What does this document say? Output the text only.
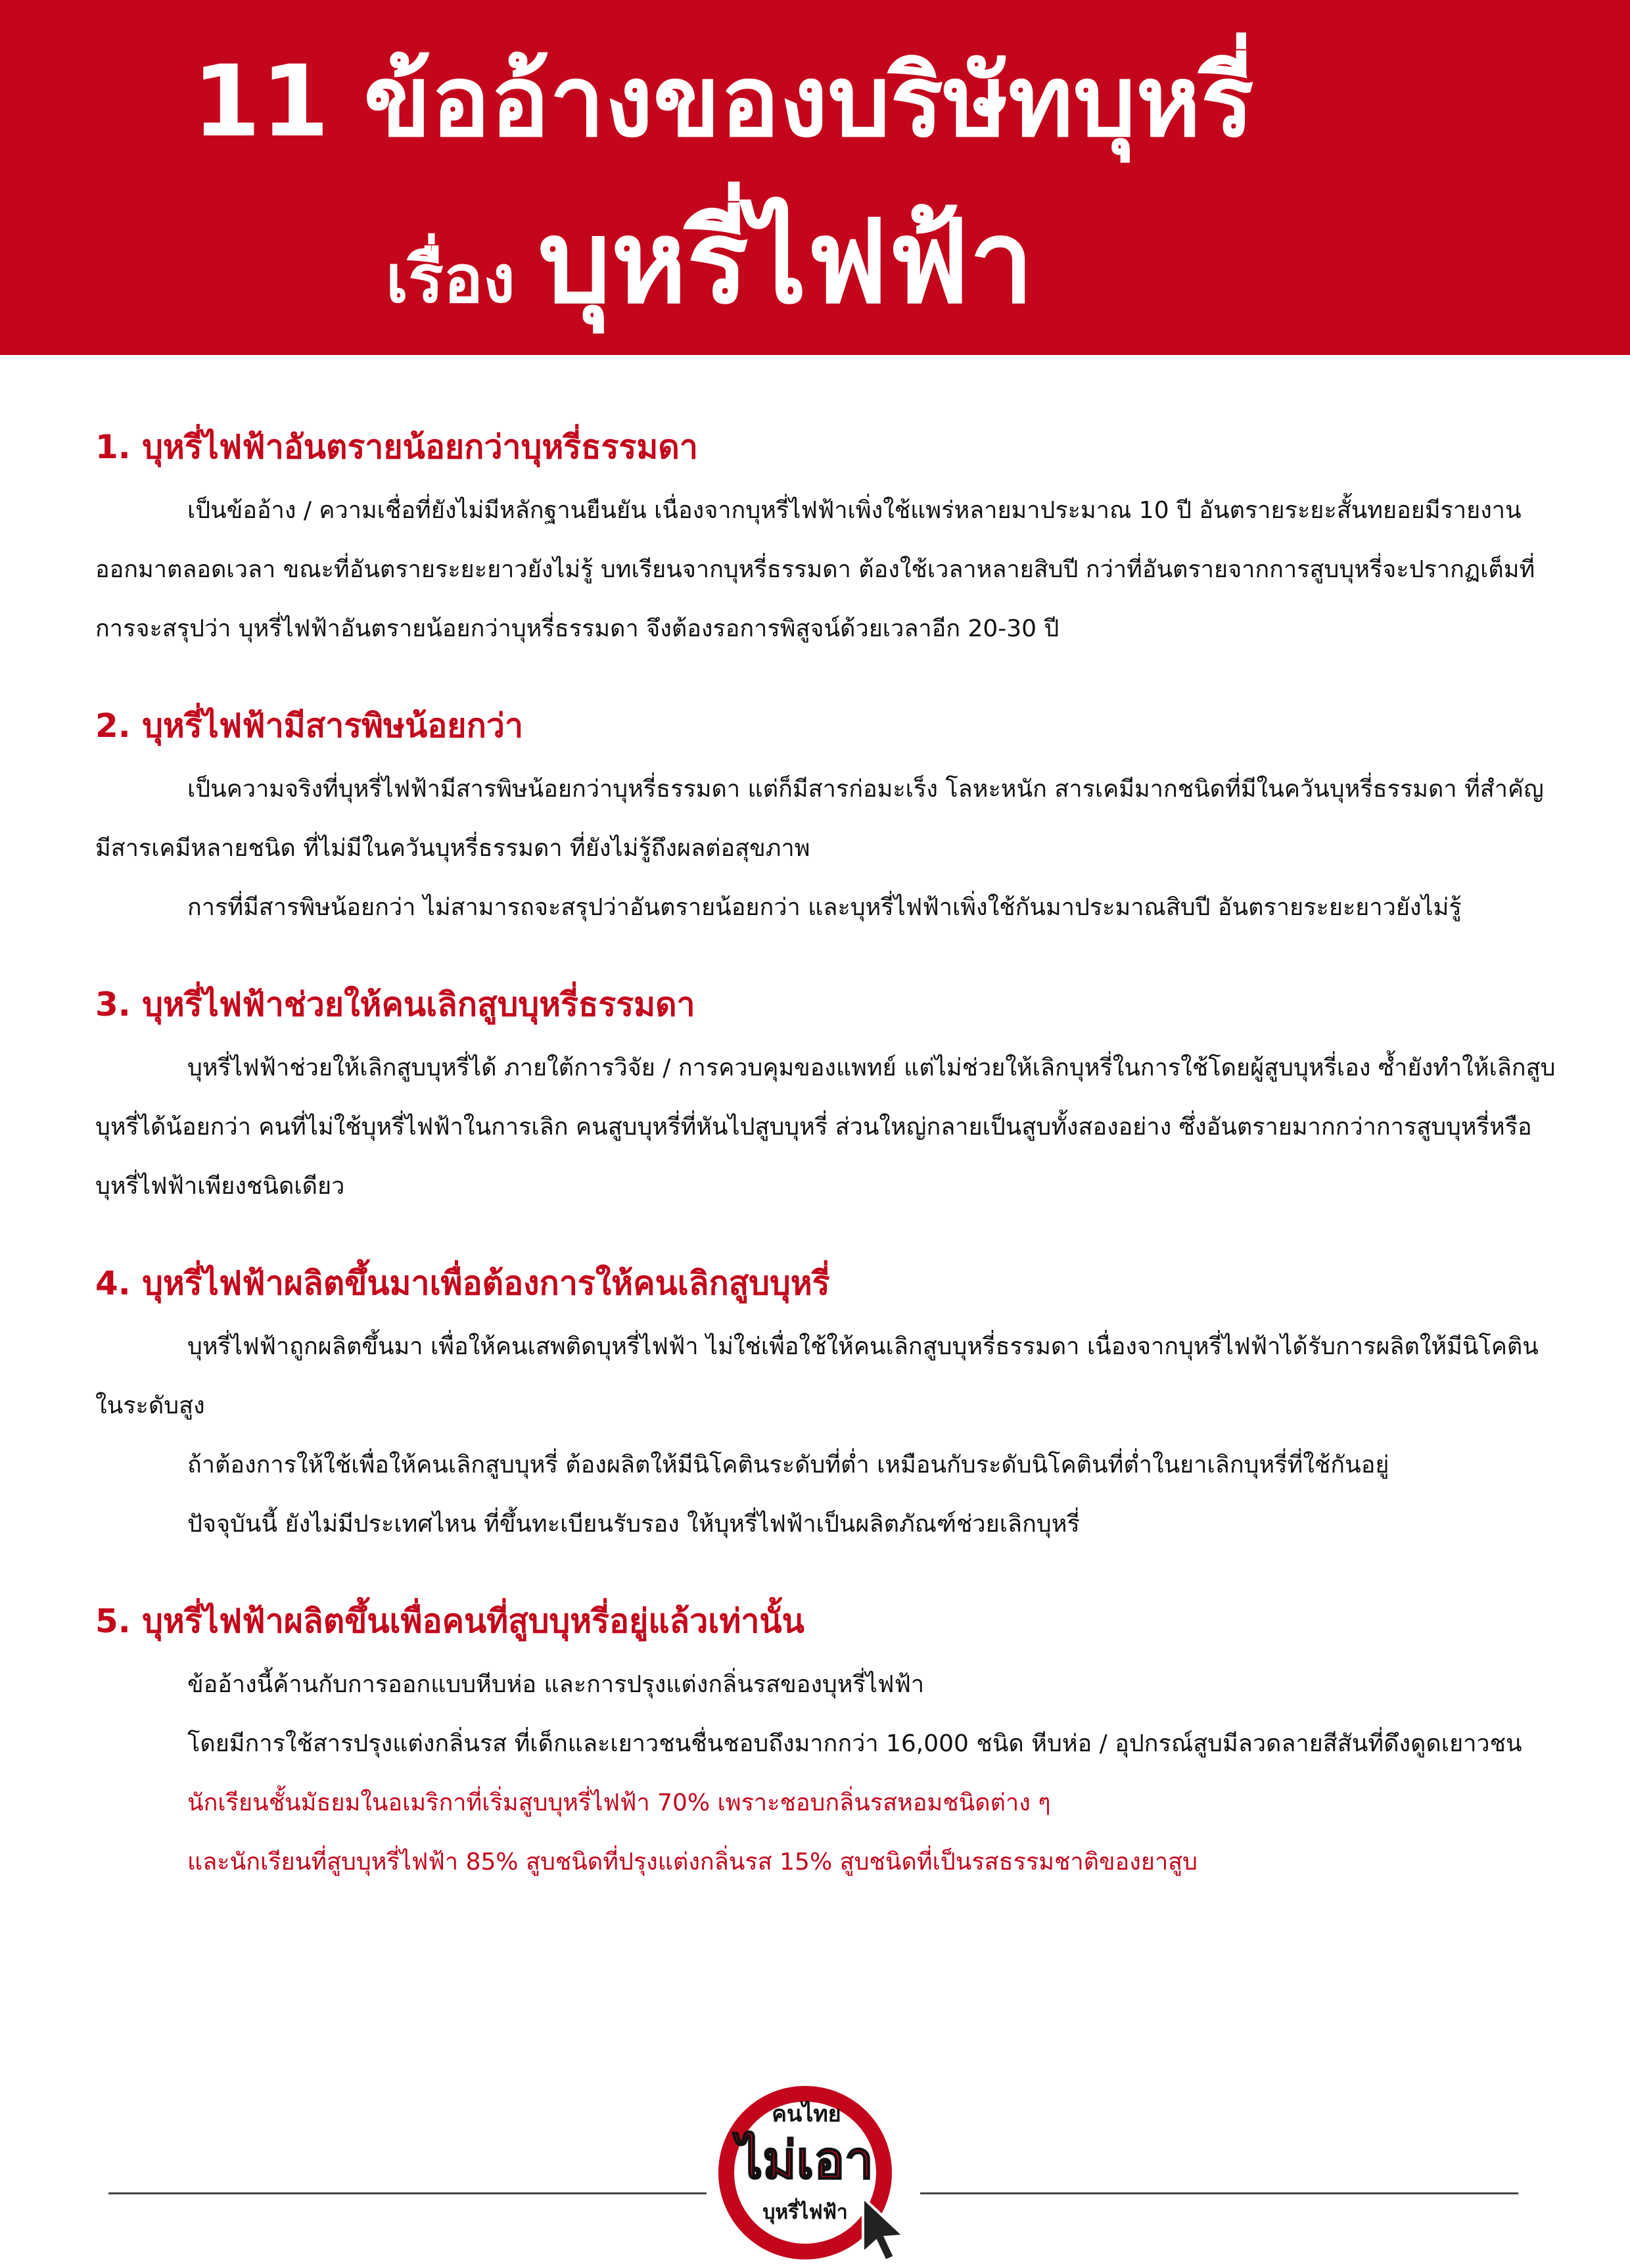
11 ข้ออ้างของบริษัทบุหรี่
เรื่อง บุหรี่ไฟฟ้า
1. บุหรี่ไฟฟ้าอันตรายน้อยกว่าบุหรี่ธรรมดา

เป็นข้ออ้าง / ความเชื่อที่ยังไม่มีหลักฐานยืนยัน เนื่องจากบุหรี่ไฟฟ้าเพิ่งใช้แพร่หลายมาประมาณ 10 ปี อันตรายระยะสั้นทยอยมีรายงานออกมาตลอดเวลา ขณะที่อันตรายระยะยาวยังไม่รู้ บทเรียนจากบุหรี่ธรรมดา ต้องใช้เวลาหลายสิบปี กว่าที่อันตรายจากการสูบบุหรี่จะปรากฏเต็มที่ การจะสรุปว่า บุหรี่ไฟฟ้าอันตรายน้อยกว่าบุหรี่ธรรมดา จึงต้องรอการพิสูจน์ด้วยเวลาอีก 20-30 ปี

2. บุหรี่ไฟฟ้ามีสารพิษน้อยกว่า

เป็นความจริงที่บุหรี่ไฟฟ้ามีสารพิษน้อยกว่าบุหรี่ธรรมดา แต่ก็มีสารก่อมะเร็ง โลหะหนัก สารเคมีมากชนิดที่มีในควันบุหรี่ธรรมดา ที่สำคัญ มีสารเคมีหลายชนิด ที่ไม่มีในควันบุหรี่ธรรมดา ที่ยังไม่รู้ถึงผลต่อสุขภาพ

การที่มีสารพิษน้อยกว่า ไม่สามารถจะสรุปว่าอันตรายน้อยกว่า และบุหรี่ไฟฟ้าเพิ่งใช้กันมาประมาณสิบปี อันตรายระยะยาวยังไม่รู้

3. บุหรี่ไฟฟ้าช่วยให้คนเลิกสูบบุหรี่ธรรมดา

บุหรี่ไฟฟ้าช่วยให้เลิกสูบบุหรี่ได้ ภายใต้การวิจัย / การควบคุมของแพทย์ แต่ไม่ช่วยให้เลิกบุหรี่ในการใช้โดยผู้สูบบุหรี่เอง ซ้ำยังทำให้เลิกสูบบุหรี่ได้น้อยกว่า คนที่ไม่ใช้บุหรี่ไฟฟ้าในการเลิก คนสูบบุหรี่ที่หันไปสูบบุหรี่ ส่วนใหญ่กลายเป็นสูบทั้งสองอย่าง ซึ่งอันตรายมากกว่าการสูบบุหรี่หรือบุหรี่ไฟฟ้าเพียงชนิดเดียว

4. บุหรี่ไฟฟ้าผลิตขึ้นมาเพื่อต้องการให้คนเลิกสูบบุหรี่

บุหรี่ไฟฟ้าถูกผลิตขึ้นมา เพื่อให้คนเสพติดบุหรี่ไฟฟ้า ไม่ใช่เพื่อใช้ให้คนเลิกสูบบุหรี่ธรรมดา เนื่องจากบุหรี่ไฟฟ้าได้รับการผลิตให้มีนิโคตินในระดับสูง

ถ้าต้องการให้ใช้เพื่อให้คนเลิกสูบบุหรี่ ต้องผลิตให้มีนิโคตินระดับที่ต่ำ เหมือนกับระดับนิโคตินที่ต่ำในยาเลิกบุหรี่ที่ใช้กันอยู่

ปัจจุบันนี้ ยังไม่มีประเทศไหน ที่ขึ้นทะเบียนรับรอง ให้บุหรี่ไฟฟ้าเป็นผลิตภัณฑ์ช่วยเลิกบุหรี่

5. บุหรี่ไฟฟ้าผลิตขึ้นเพื่อคนที่สูบบุหรี่อยู่แล้วเท่านั้น

ข้ออ้างนี้ค้านกับการออกแบบหีบห่อ และการปรุงแต่งกลิ่นรสของบุหรี่ไฟฟ้า

โดยมีการใช้สารปรุงแต่งกลิ่นรส ที่เด็กและเยาวชนชื่นชอบถึงมากกว่า 16,000 ชนิด หีบห่อ / อุปกรณ์สูบมีลวดลายสีสันที่ดึงดูดเยาวชน

นักเรียนชั้นมัธยมในอเมริกาที่เริ่มสูบบุหรี่ไฟฟ้า 70% เพราะชอบกลิ่นรสหอมชนิดต่าง ๆ

และนักเรียนที่สูบบุหรี่ไฟฟ้า 85% สูบชนิดที่ปรุงแต่งกลิ่นรส 15% สูบชนิดที่เป็นรสธรรมชาติของยาสูบ

คนไทย
ไม่เอา
บุหรี่ไฟฟ้า
